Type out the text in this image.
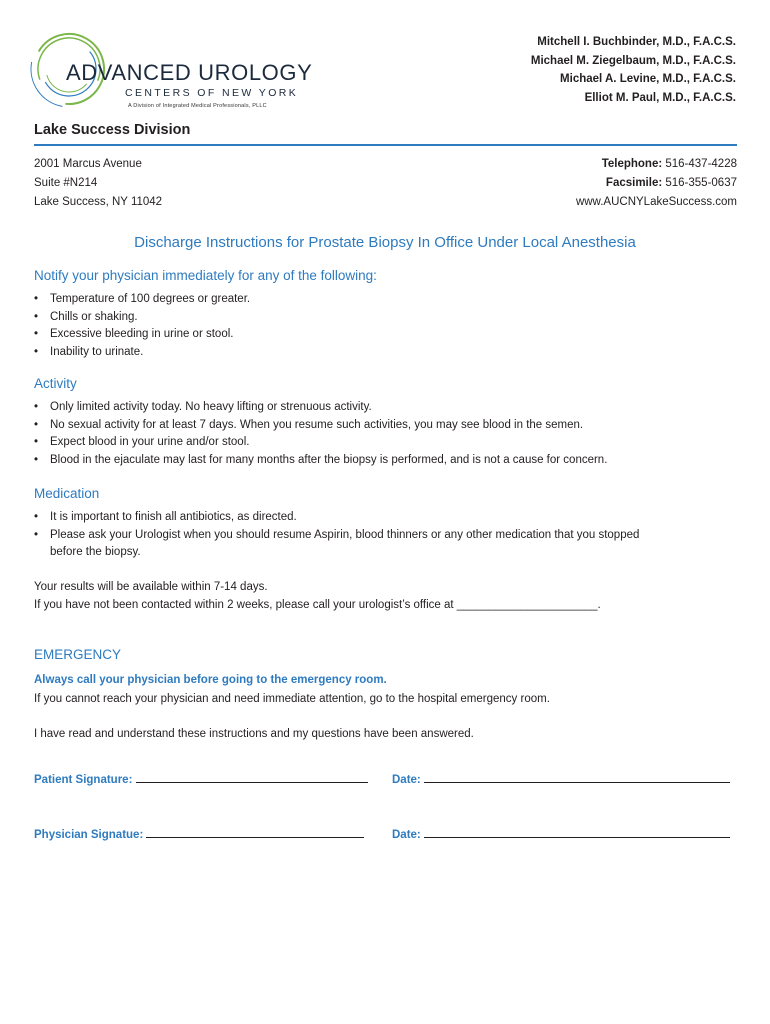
ADVANCED UROLOGY
CENTERS OF NEW YORK
A Division of Integrated Medical Professionals, PLLC
Mitchell I. Buchbinder, M.D., F.A.C.S.
Michael M. Ziegelbaum, M.D., F.A.C.S.
Michael A. Levine, M.D., F.A.C.S.
Elliot M. Paul, M.D., F.A.C.S.
Lake Success Division
2001 Marcus Avenue
Suite #N214
Lake Success, NY 11042
Telephone: 516-437-4228
Facsimile: 516-355-0637
www.AUCNYLakeSuccess.com
Discharge Instructions for Prostate Biopsy In Office Under Local Anesthesia
Notify your physician immediately for any of the following:
• Temperature of 100 degrees or greater.
• Chills or shaking.
• Excessive bleeding in urine or stool.
• Inability to urinate.
Activity
• Only limited activity today. No heavy lifting or strenuous activity.
• No sexual activity for at least 7 days. When you resume such activities, you may see blood in the semen.
• Expect blood in your urine and/or stool.
• Blood in the ejaculate may last for many months after the biopsy is performed, and is not a cause for concern.
Medication
• It is important to finish all antibiotics, as directed.
• Please ask your Urologist when you should resume Aspirin, blood thinners or any other medication that you stopped
before the biopsy.
Your results will be available within 7-14 days.
If you have not been contacted within 2 weeks, please call your urologist’s office at ______________________.
EMERGENCY
Always call your physician before going to the emergency room.
If you cannot reach your physician and need immediate attention, go to the hospital emergency room.
I have read and understand these instructions and my questions have been answered.
Patient Signature:	Date:
Physician Signatue:	Date:
